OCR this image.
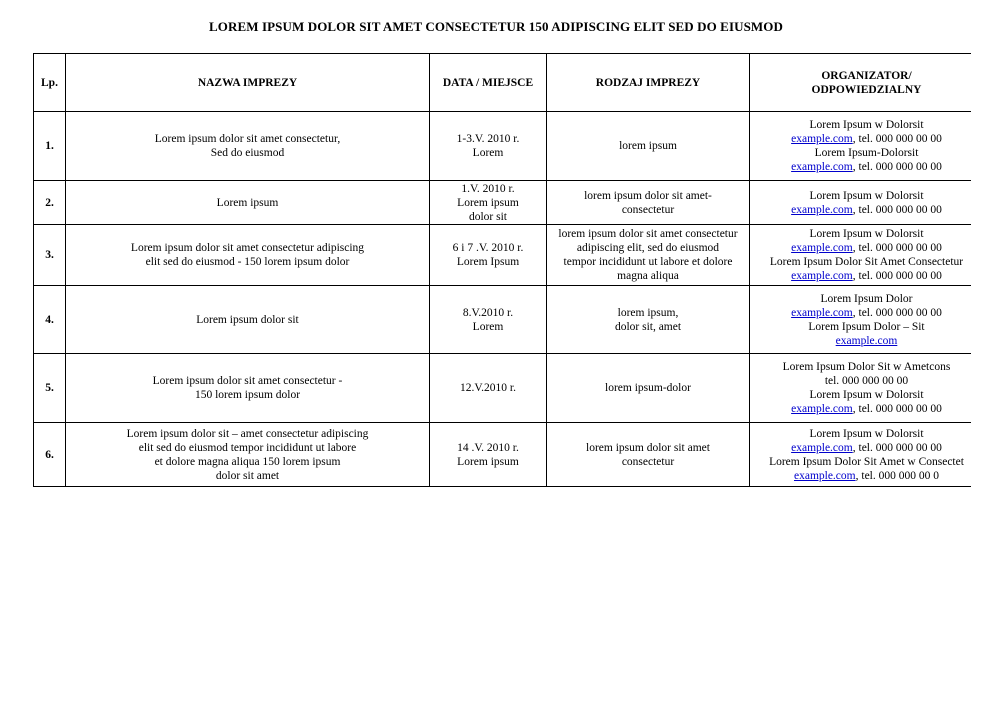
LOREM IPSUM DOLOR SIT AMET CONSECTETUR 150 ADIPISCING ELIT SED DO EIUSMOD
Lp.	NAZWA IMPREZY	DATA / MIEJSCE	RODZAJ IMPREZY	ORGANIZATOR/
ODPOWIEDZIALNY

1.	Lorem ipsum dolor sit amet consectetur,
Sed do eiusmod	1-3.V. 2010 r.
Lorem	lorem ipsum	Lorem Ipsum w Dolorsit
example.com, tel. 000 000 00 00
Lorem Ipsum-Dolorsit
example.com, tel. 000 000 00 00

2.	Lorem ipsum	1.V. 2010 r.
Lorem ipsum
dolor sit	lorem ipsum dolor sit amet-
consectetur	Lorem Ipsum w Dolorsit
example.com, tel. 000 000 00 00

3.	Lorem ipsum dolor sit amet consectetur adipiscing
elit sed do eiusmod - 150 lorem ipsum dolor	6 i 7 .V. 2010 r.
Lorem Ipsum	lorem ipsum dolor sit amet consectetur
adipiscing elit, sed do eiusmod
tempor incididunt ut labore et dolore
magna aliqua	Lorem Ipsum w Dolorsit
example.com, tel. 000 000 00 00
Lorem Ipsum Dolor Sit Amet Consectetur
example.com, tel. 000 000 00 00

4.	Lorem ipsum dolor sit	8.V.2010 r.
Lorem	lorem ipsum,
dolor sit, amet	Lorem Ipsum Dolor
example.com, tel. 000 000 00 00
Lorem Ipsum Dolor – Sit
example.com

5.	Lorem ipsum dolor sit amet consectetur -
150 lorem ipsum dolor	12.V.2010 r.	lorem ipsum-dolor	Lorem Ipsum Dolor Sit w Ametcons
tel. 000 000 00 00
Lorem Ipsum w Dolorsit
example.com, tel. 000 000 00 00

6.	Lorem ipsum dolor sit – amet consectetur adipiscing
elit sed do eiusmod tempor incididunt ut labore
et dolore magna aliqua 150 lorem ipsum
dolor sit amet	14 .V. 2010 r.
Lorem ipsum	lorem ipsum dolor sit amet
consectetur	Lorem Ipsum w Dolorsit
example.com, tel. 000 000 00 00
Lorem Ipsum Dolor Sit Amet w Consectet
example.com, tel. 000 000 00 0
